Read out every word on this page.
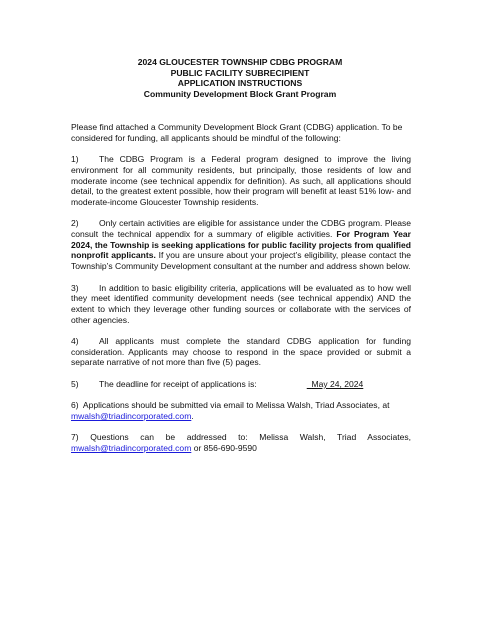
2024 GLOUCESTER TOWNSHIP CDBG PROGRAM
PUBLIC FACILITY SUBRECIPIENT
APPLICATION INSTRUCTIONS
Community Development Block Grant Program

Please find attached a Community Development Block Grant (CDBG) application. To be considered for funding, all applicants should be mindful of the following:

1) The CDBG Program is a Federal program designed to improve the living environment for all community residents, but principally, those residents of low and moderate income (see technical appendix for definition). As such, all applications should detail, to the greatest extent possible, how their program will benefit at least 51% low- and moderate-income Gloucester Township residents.

2) Only certain activities are eligible for assistance under the CDBG program. Please consult the technical appendix for a summary of eligible activities. For Program Year 2024, the Township is seeking applications for public facility projects from qualified nonprofit applicants. If you are unsure about your project’s eligibility, please contact the Township’s Community Development consultant at the number and address shown below.

3) In addition to basic eligibility criteria, applications will be evaluated as to how well they meet identified community development needs (see technical appendix) AND the extent to which they leverage other funding sources or collaborate with the services of other agencies.

4) All applicants must complete the standard CDBG application for funding consideration. Applicants may choose to respond in the space provided or submit a separate narrative of not more than five (5) pages.

5) The deadline for receipt of applications is:	May 24, 2024

6) Applications should be submitted via email to Melissa Walsh, Triad Associates, at mwalsh@triadincorporated.com.

7) Questions can be addressed to: Melissa Walsh, Triad Associates, mwalsh@triadincorporated.com or 856-690-9590
